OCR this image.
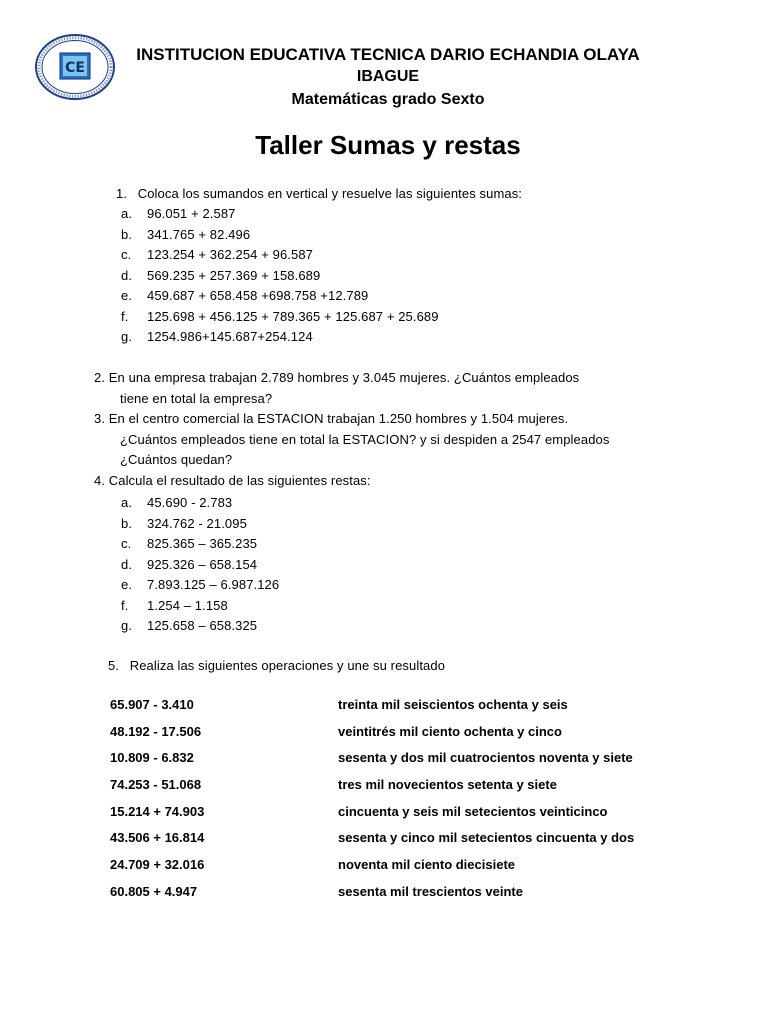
CE
INSTITUCION EDUCATIVA TECNICA DARIO ECHANDIA OLAYA
IBAGUE
Matemáticas grado Sexto
Taller Sumas y restas
1. Coloca los sumandos en vertical y resuelve las siguientes sumas:
a. 96.051 + 2.587
b. 341.765 + 82.496
c. 123.254 + 362.254 + 96.587
d. 569.235 + 257.369 + 158.689
e. 459.687 + 658.458 +698.758 +12.789
f. 125.698 + 456.125 + 789.365 + 125.687 + 25.689
g. 1254.986+145.687+254.124
2. En una empresa trabajan 2.789 hombres y 3.045 mujeres. ¿Cuántos empleados
tiene en total la empresa?
3. En el centro comercial la ESTACION trabajan 1.250 hombres y 1.504 mujeres.
¿Cuántos empleados tiene en total la ESTACION? y si despiden a 2547 empleados
¿Cuántos quedan?
4. Calcula el resultado de las siguientes restas:
a. 45.690 - 2.783
b. 324.762 - 21.095
c. 825.365 – 365.235
d. 925.326 – 658.154
e. 7.893.125 – 6.987.126
f. 1.254 – 1.158
g. 125.658 – 658.325
5. Realiza las siguientes operaciones y une su resultado
65.907 - 3.410	treinta mil seiscientos ochenta y seis
48.192 - 17.506	veintitrés mil ciento ochenta y cinco
10.809 - 6.832	sesenta y dos mil cuatrocientos noventa y siete
74.253 - 51.068	tres mil novecientos setenta y siete
15.214 + 74.903	cincuenta y seis mil setecientos veinticinco
43.506 + 16.814	sesenta y cinco mil setecientos cincuenta y dos
24.709 + 32.016	noventa mil ciento diecisiete
60.805 + 4.947	sesenta mil trescientos veinte
